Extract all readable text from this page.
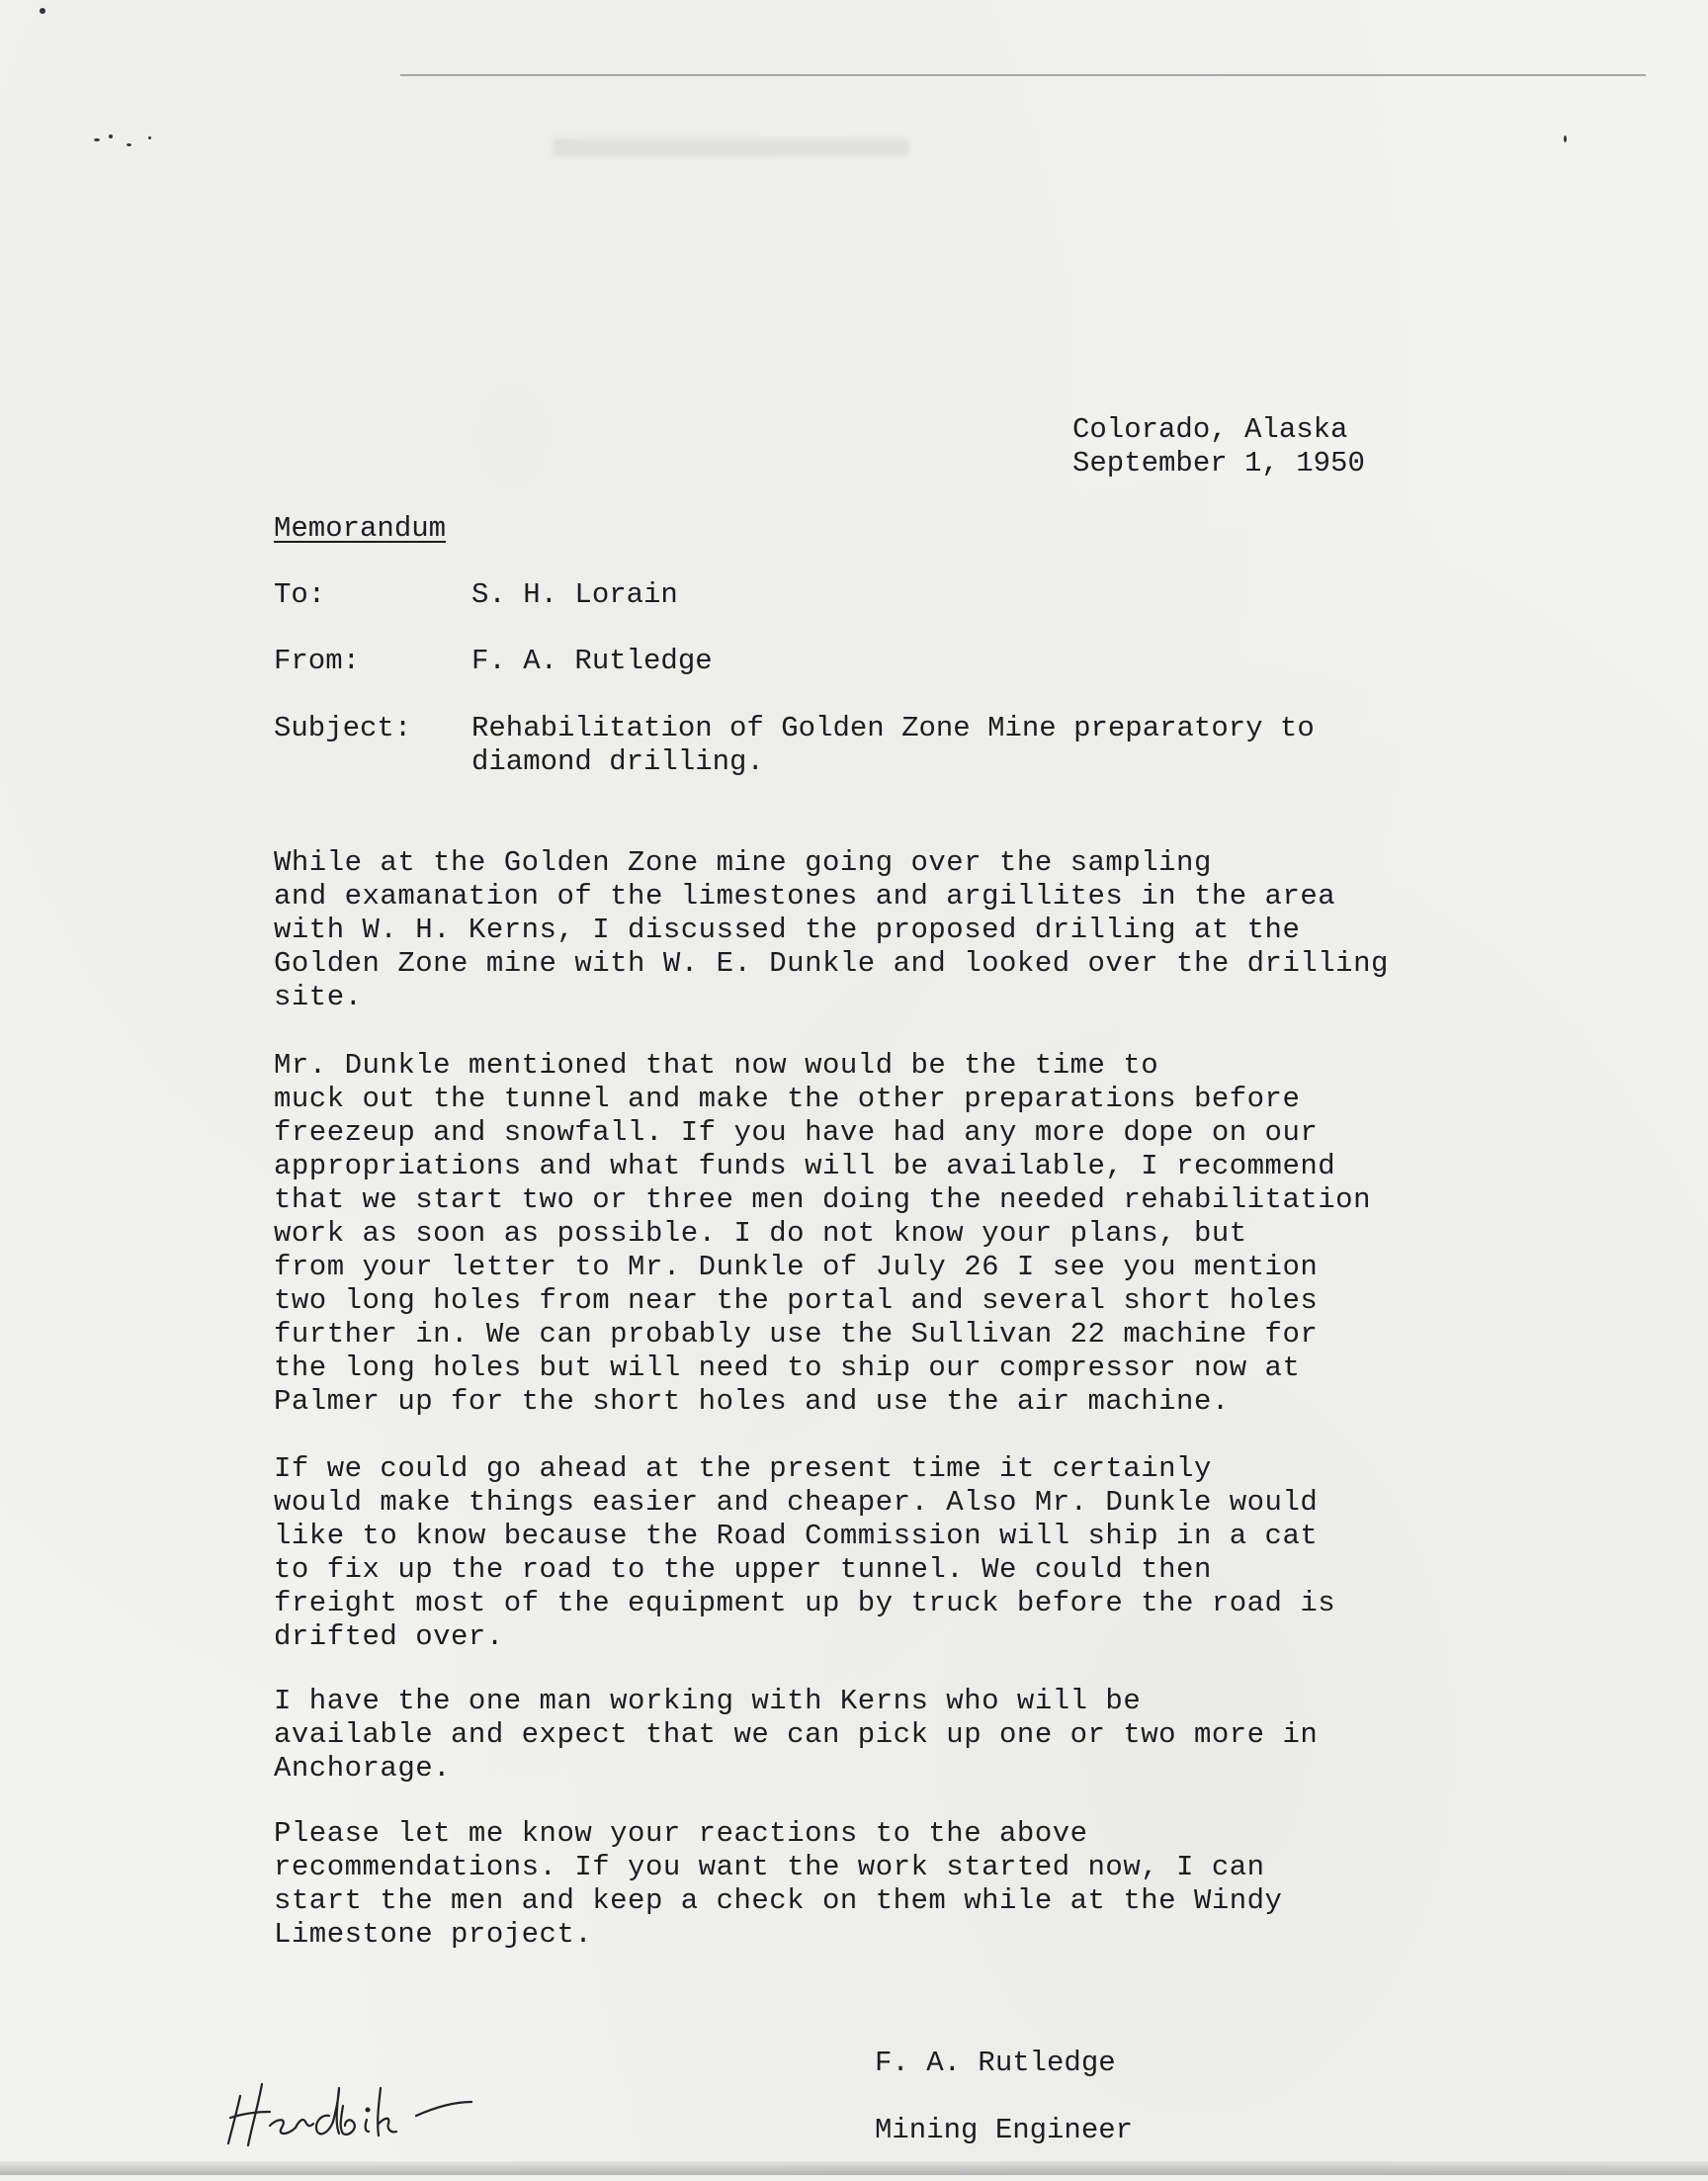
Colorado, Alaska
September 1, 1950
Memorandum
To:	S. H. Lorain
From:	F. A. Rutledge
Subject: Rehabilitation of Golden Zone Mine preparatory to
diamond drilling.
While at the Golden Zone mine going over the sampling
and examanation of the limestones and argillites in the area
with W. H. Kerns, I discussed the proposed drilling at the
Golden Zone mine with W. E. Dunkle and looked over the drilling
site.
Mr. Dunkle mentioned that now would be the time to
muck out the tunnel and make the other preparations before
freezeup and snowfall. If you have had any more dope on our
appropriations and what funds will be available, I recommend
that we start two or three men doing the needed rehabilitation
work as soon as possible. I do not know your plans, but
from your letter to Mr. Dunkle of July 26 I see you mention
two long holes from near the portal and several short holes
further in. We can probably use the Sullivan 22 machine for
the long holes but will need to ship our compressor now at
Palmer up for the short holes and use the air machine.
If we could go ahead at the present time it certainly
would make things easier and cheaper. Also Mr. Dunkle would
like to know because the Road Commission will ship in a cat
to fix up the road to the upper tunnel. We could then
freight most of the equipment up by truck before the road is
drifted over.
I have the one man working with Kerns who will be
available and expect that we can pick up one or two more in
Anchorage.
Please let me know your reactions to the above
recommendations. If you want the work started now, I can
start the men and keep a check on them while at the Windy
Limestone project.

F. A. Rutledge

Mining Engineer
